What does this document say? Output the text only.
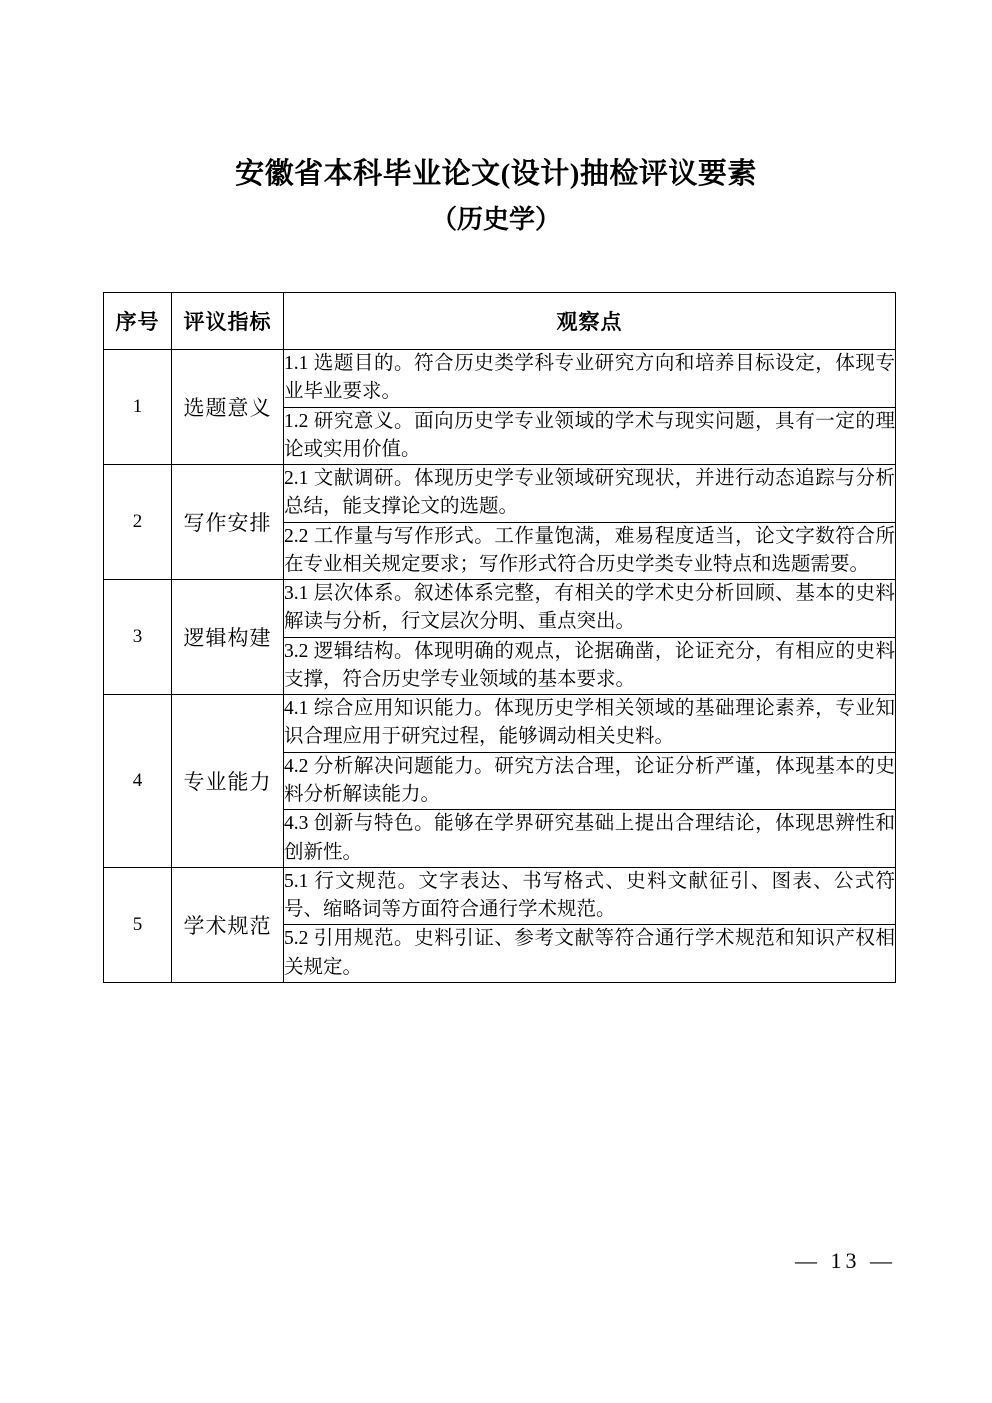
安徽省本科毕业论文(设计)抽检评议要素
（历史学）
序号	评议指标	观察点
1	选题意义	1.1 选题目的。符合历史类学科专业研究方向和培养目标设定，体现专业毕业要求。
		1.2 研究意义。面向历史学专业领域的学术与现实问题，具有一定的理论或实用价值。
2	写作安排	2.1 文献调研。体现历史学专业领域研究现状，并进行动态追踪与分析总结，能支撑论文的选题。
		2.2 工作量与写作形式。工作量饱满，难易程度适当，论文字数符合所在专业相关规定要求；写作形式符合历史学类专业特点和选题需要。
3	逻辑构建	3.1 层次体系。叙述体系完整，有相关的学术史分析回顾、基本的史料解读与分析，行文层次分明、重点突出。
		3.2 逻辑结构。体现明确的观点，论据确凿，论证充分，有相应的史料支撑，符合历史学专业领域的基本要求。
4	专业能力	4.1 综合应用知识能力。体现历史学相关领域的基础理论素养，专业知识合理应用于研究过程，能够调动相关史料。
		4.2 分析解决问题能力。研究方法合理，论证分析严谨，体现基本的史料分析解读能力。
		4.3 创新与特色。能够在学界研究基础上提出合理结论，体现思辨性和创新性。
5	学术规范	5.1 行文规范。文字表达、书写格式、史料文献征引、图表、公式符号、缩略词等方面符合通行学术规范。
		5.2 引用规范。史料引证、参考文献等符合通行学术规范和知识产权相关规定。
— 13 —
